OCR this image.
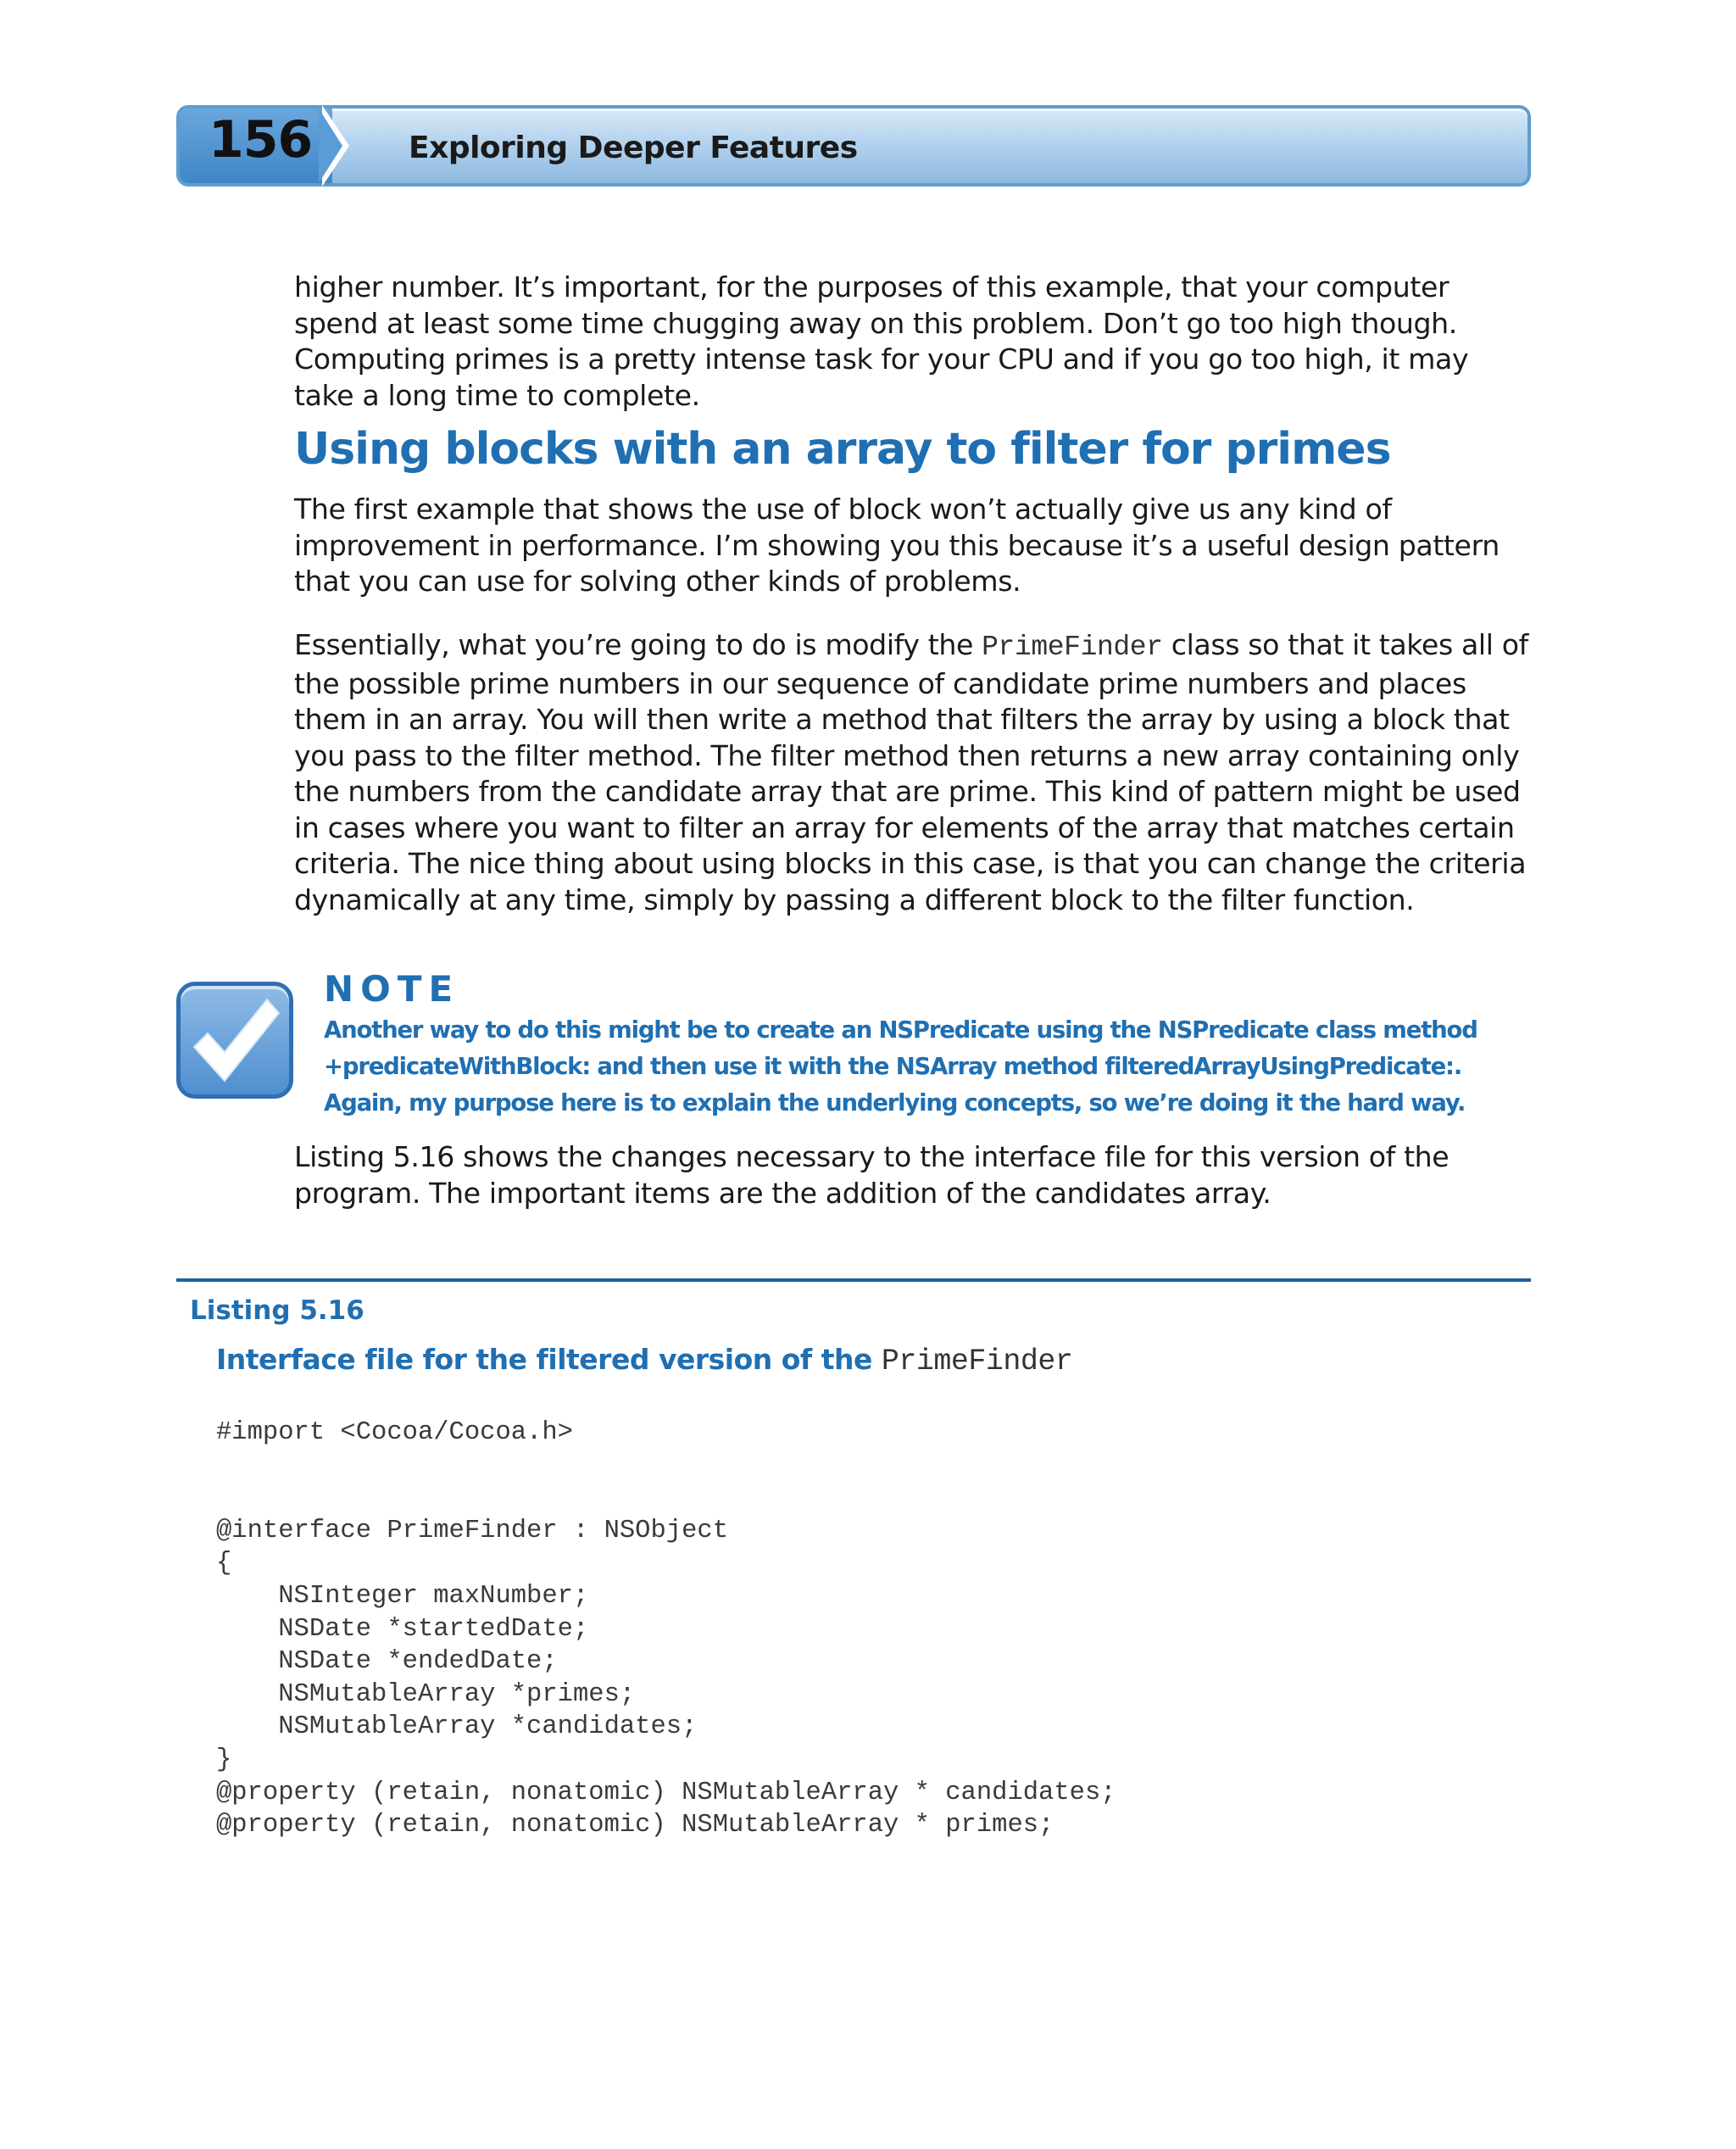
156	Exploring Deeper Features

higher number. It’s important, for the purposes of this example, that your computer spend at least some time chugging away on this problem. Don’t go too high though. Computing primes is a pretty intense task for your CPU and if you go too high, it may take a long time to complete.

Using blocks with an array to filter for primes

The first example that shows the use of block won’t actually give us any kind of improvement in performance. I’m showing you this because it’s a useful design pattern that you can use for solving other kinds of problems.

Essentially, what you’re going to do is modify the PrimeFinder class so that it takes all of the possible prime numbers in our sequence of candidate prime numbers and places them in an array. You will then write a method that filters the array by using a block that you pass to the filter method. The filter method then returns a new array containing only the numbers from the candidate array that are prime. This kind of pattern might be used in cases where you want to filter an array for elements of the array that matches certain criteria. The nice thing about using blocks in this case, is that you can change the criteria dynamically at any time, simply by passing a different block to the filter function.

NOTE

Another way to do this might be to create an NSPredicate using the NSPredicate class method +predicateWithBlock: and then use it with the NSArray method filteredArrayUsingPredicate:. Again, my purpose here is to explain the underlying concepts, so we’re doing it the hard way.

Listing 5.16 shows the changes necessary to the interface file for this version of the program. The important items are the addition of the candidates array.

Listing 5.16
Interface file for the filtered version of the PrimeFinder
#import <Cocoa/Cocoa.h>
@interface PrimeFinder : NSObject
{
NSInteger maxNumber;
NSDate *startedDate;
NSDate *endedDate;
NSMutableArray *primes;
NSMutableArray *candidates;
}
@property (retain, nonatomic) NSMutableArray * candidates;
@property (retain, nonatomic) NSMutableArray * primes;
